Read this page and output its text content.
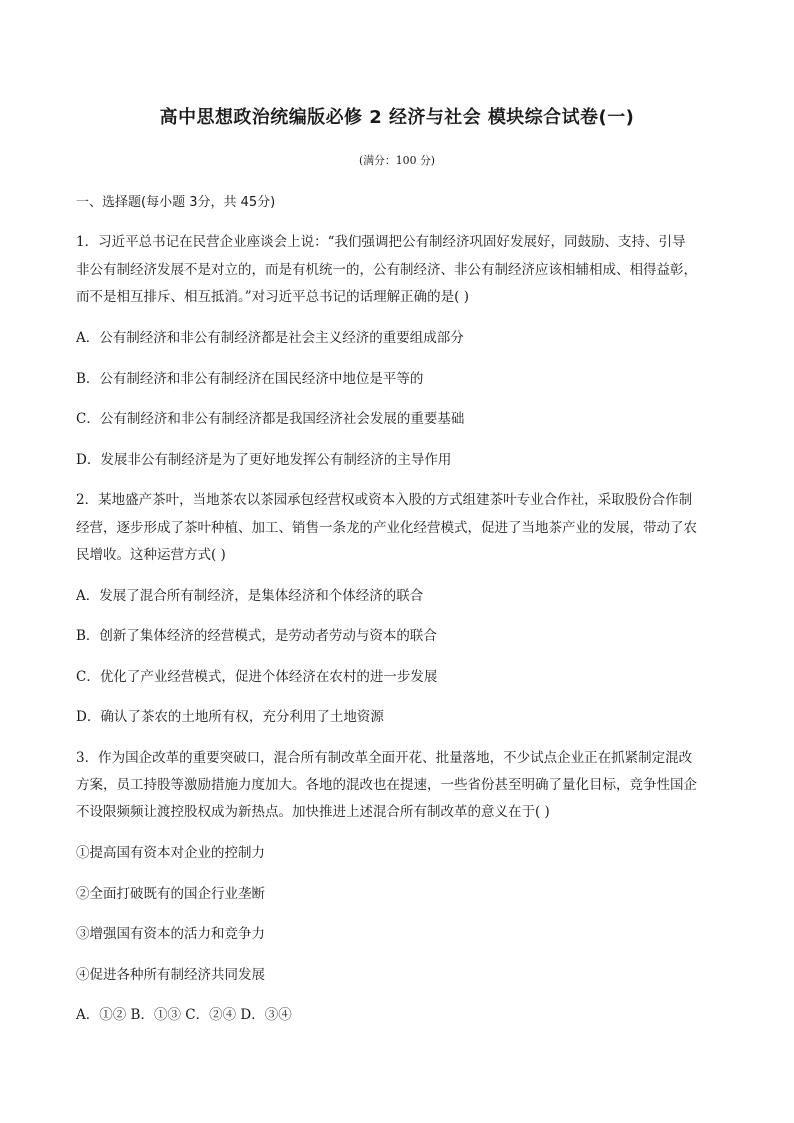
高中思想政治统编版必修 2 经济与社会 模块综合试卷(一)
(满分：100 分)
一、选择题(每小题 3分，共 45分)
1．习近平总书记在民营企业座谈会上说：“我们强调把公有制经济巩固好发展好，同鼓励、支持、引导
非公有制经济发展不是对立的，而是有机统一的，公有制经济、非公有制经济应该相辅相成、相得益彰，
而不是相互排斥、相互抵消。”对习近平总书记的话理解正确的是( )
A．公有制经济和非公有制经济都是社会主义经济的重要组成部分
B．公有制经济和非公有制经济在国民经济中地位是平等的
C．公有制经济和非公有制经济都是我国经济社会发展的重要基础
D．发展非公有制经济是为了更好地发挥公有制经济的主导作用
2．某地盛产茶叶，当地茶农以茶园承包经营权或资本入股的方式组建茶叶专业合作社，采取股份合作制
经营，逐步形成了茶叶种植、加工、销售一条龙的产业化经营模式，促进了当地茶产业的发展，带动了农
民增收。这种运营方式( )
A．发展了混合所有制经济，是集体经济和个体经济的联合
B．创新了集体经济的经营模式，是劳动者劳动与资本的联合
C．优化了产业经营模式，促进个体经济在农村的进一步发展
D．确认了茶农的土地所有权，充分利用了土地资源
3．作为国企改革的重要突破口，混合所有制改革全面开花、批量落地，不少试点企业正在抓紧制定混改
方案，员工持股等激励措施力度加大。各地的混改也在提速，一些省份甚至明确了量化目标，竞争性国企
不设限频频让渡控股权成为新热点。加快推进上述混合所有制改革的意义在于( )
①提高国有资本对企业的控制力
②全面打破既有的国企行业垄断
③增强国有资本的活力和竞争力
④促进各种所有制经济共同发展
A．①② B．①③ C．②④ D．③④
